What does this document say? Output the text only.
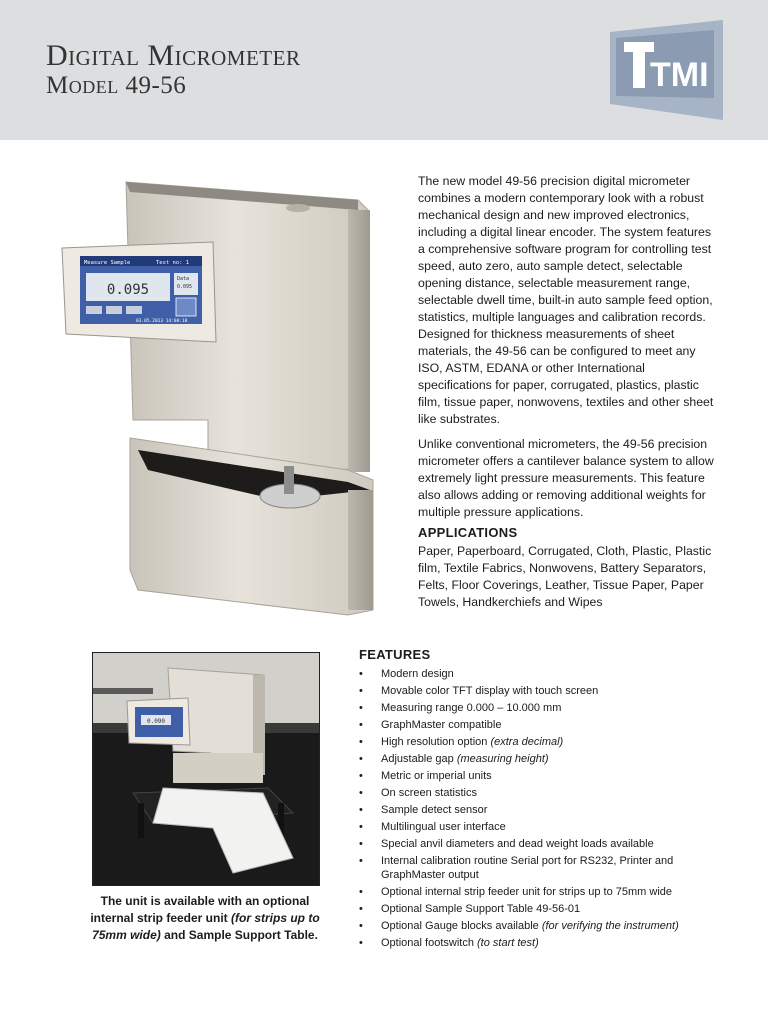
Digital Micrometer
Model 49-56	TMI
Measure Sample	Test no: 1
0.095
Data
0.095
03.05.2013 14:08:18

The new model 49-56 precision digital micrometer combines a modern contemporary look with a robust mechanical design and new improved electronics, including a digital linear encoder. The system features a comprehensive software program for controlling test speed, auto zero, auto sample detect, selectable opening distance, selectable measurement range, selectable dwell time, built-in auto sample feed option, statistics, multiple languages and calibration records. Designed for thickness measurements of sheet materials, the 49-56 can be configured to meet any ISO, ASTM, EDANA or other International specifications for paper, corrugated, plastics, plastic film, tissue paper, nonwovens, textiles and other sheet like substrates.

Unlike conventional micrometers, the 49-56 precision micrometer offers a cantilever balance system to allow extremely light pressure measurements. This feature also allows adding or removing additional weights for multiple pressure applications.

APPLICATIONS
Paper, Paperboard, Corrugated, Cloth, Plastic, Plastic film, Textile Fabrics, Nonwovens, Battery Separators, Felts, Floor Coverings, Leather, Tissue Paper, Paper Towels, Handkerchiefs and Wipes
0.090
The unit is available with an optional internal strip feeder unit (for strips up to 75mm wide) and Sample Support Table.
FEATURES
• Modern design
• Movable color TFT display with touch screen
• Measuring range 0.000 – 10.000 mm
• GraphMaster compatible
• High resolution option (extra decimal)
• Adjustable gap (measuring height)
• Metric or imperial units
• On screen statistics
• Sample detect sensor
• Multilingual user interface
• Special anvil diameters and dead weight loads available
• Internal calibration routine Serial port for RS232, Printer and GraphMaster output
• Optional internal strip feeder unit for strips up to 75mm wide
• Optional Sample Support Table 49-56-01
• Optional Gauge blocks available (for verifying the instrument)
• Optional footswitch (to start test)
